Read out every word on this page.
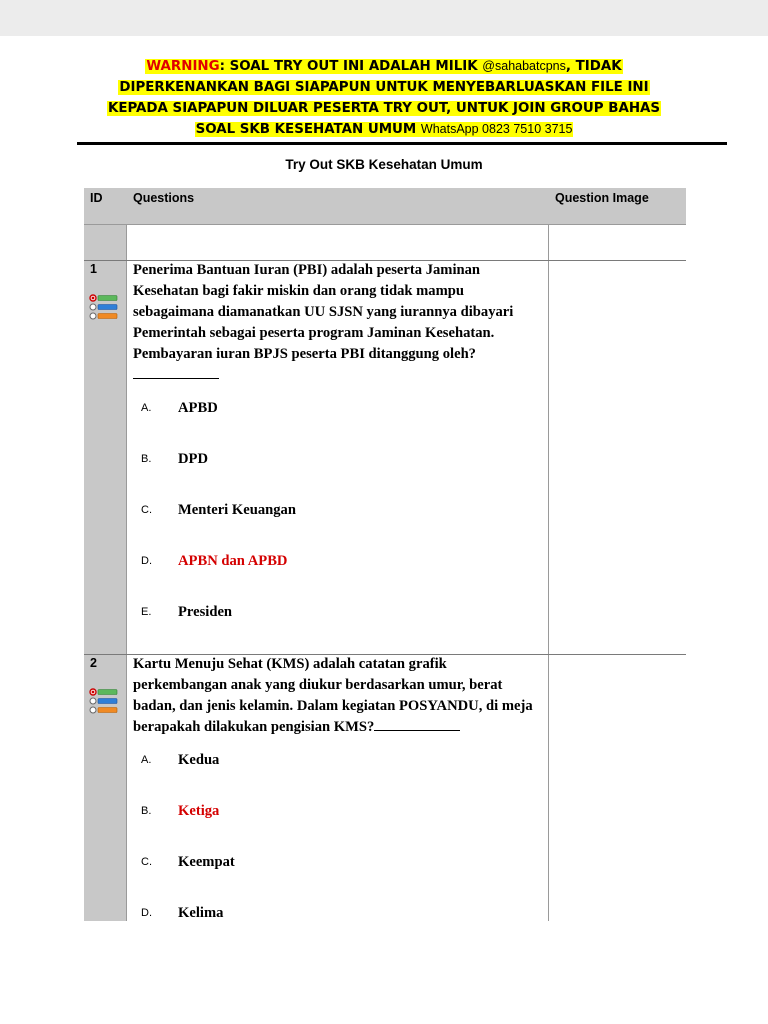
WARNING: SOAL TRY OUT INI ADALAH MILIK @sahabatcpns, TIDAK
DIPERKENANKAN BAGI SIAPAPUN UNTUK MENYEBARLUASKAN FILE INI
KEPADA SIAPAPUN DILUAR PESERTA TRY OUT, UNTUK JOIN GROUP BAHAS
SOAL SKB KESEHATAN UMUM WhatsApp 0823 7510 3715
Try Out SKB Kesehatan Umum
ID Questions	Question Image
1 Penerima Bantuan Iuran (PBI) adalah peserta Jaminan Kesehatan bagi fakir miskin dan orang tidak mampu sebagaimana diamanatkan UU SJSN yang iurannya dibayari Pemerintah sebagai peserta program Jaminan Kesehatan. Pembayaran iuran BPJS peserta PBI ditanggung oleh?
A. APBD
B. DPD
C. Menteri Keuangan
D. APBN dan APBD
E. Presiden
2 Kartu Menuju Sehat (KMS) adalah catatan grafik perkembangan anak yang diukur berdasarkan umur, berat badan, dan jenis kelamin. Dalam kegiatan POSYANDU, di meja berapakah dilakukan pengisian KMS?
A. Kedua
B. Ketiga
C. Keempat
D. Kelima
